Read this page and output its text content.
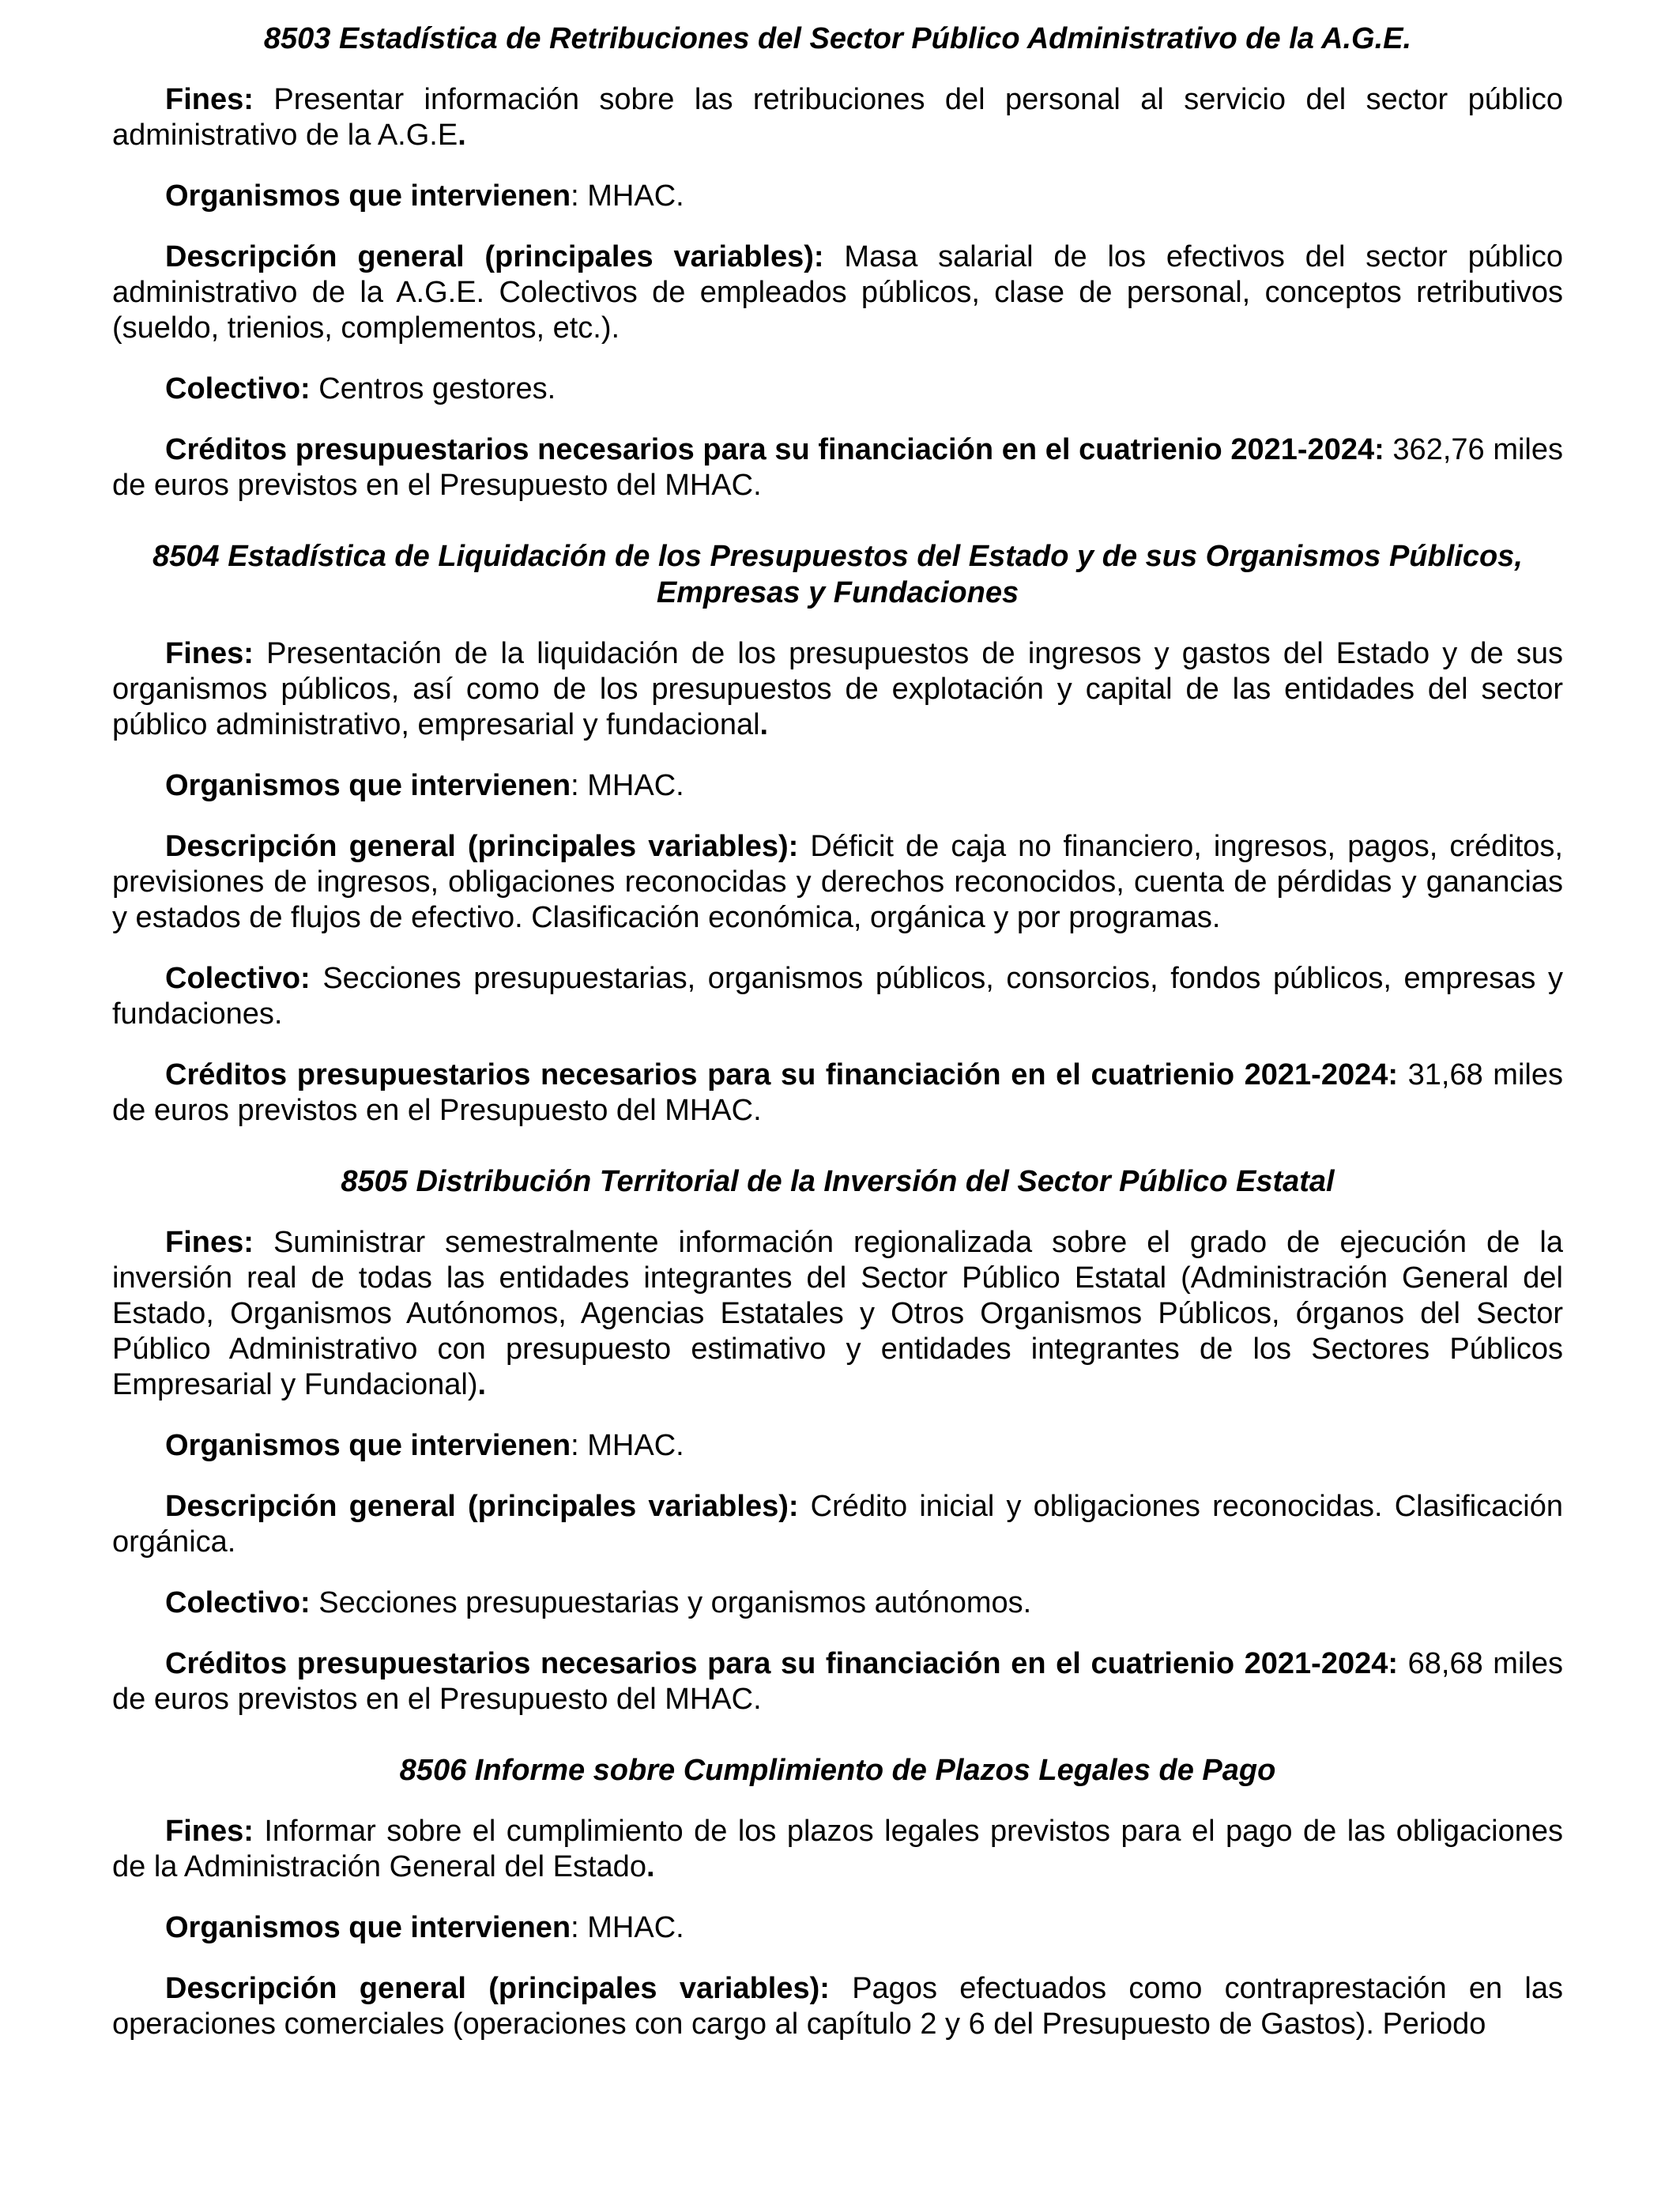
8503 Estadística de Retribuciones del Sector Público Administrativo de la A.G.E.

Fines: Presentar información sobre las retribuciones del personal al servicio del sector público administrativo de la A.G.E.

Organismos que intervienen: MHAC.

Descripción general (principales variables): Masa salarial de los efectivos del sector público administrativo de la A.G.E. Colectivos de empleados públicos, clase de personal, conceptos retributivos (sueldo, trienios, complementos, etc.).

Colectivo: Centros gestores.

Créditos presupuestarios necesarios para su financiación en el cuatrienio 2021-2024: 362,76 miles de euros previstos en el Presupuesto del MHAC.

8504 Estadística de Liquidación de los Presupuestos del Estado y de sus Organismos Públicos,
Empresas y Fundaciones

Fines: Presentación de la liquidación de los presupuestos de ingresos y gastos del Estado y de sus organismos públicos, así como de los presupuestos de explotación y capital de las entidades del sector público administrativo, empresarial y fundacional.

Organismos que intervienen: MHAC.

Descripción general (principales variables): Déficit de caja no financiero, ingresos, pagos, créditos, previsiones de ingresos, obligaciones reconocidas y derechos reconocidos, cuenta de pérdidas y ganancias y estados de flujos de efectivo. Clasificación económica, orgánica y por programas.

Colectivo: Secciones presupuestarias, organismos públicos, consorcios, fondos públicos, empresas y fundaciones.

Créditos presupuestarios necesarios para su financiación en el cuatrienio 2021-2024: 31,68 miles de euros previstos en el Presupuesto del MHAC.

8505 Distribución Territorial de la Inversión del Sector Público Estatal

Fines: Suministrar semestralmente información regionalizada sobre el grado de ejecución de la inversión real de todas las entidades integrantes del Sector Público Estatal (Administración General del Estado, Organismos Autónomos, Agencias Estatales y Otros Organismos Públicos, órganos del Sector Público Administrativo con presupuesto estimativo y entidades integrantes de los Sectores Públicos Empresarial y Fundacional).

Organismos que intervienen: MHAC.

Descripción general (principales variables): Crédito inicial y obligaciones reconocidas. Clasificación orgánica.

Colectivo: Secciones presupuestarias y organismos autónomos.

Créditos presupuestarios necesarios para su financiación en el cuatrienio 2021-2024: 68,68 miles de euros previstos en el Presupuesto del MHAC.

8506 Informe sobre Cumplimiento de Plazos Legales de Pago

Fines: Informar sobre el cumplimiento de los plazos legales previstos para el pago de las obligaciones de la Administración General del Estado.

Organismos que intervienen: MHAC.

Descripción general (principales variables): Pagos efectuados como contraprestación en las operaciones comerciales (operaciones con cargo al capítulo 2 y 6 del Presupuesto de Gastos). Periodo
